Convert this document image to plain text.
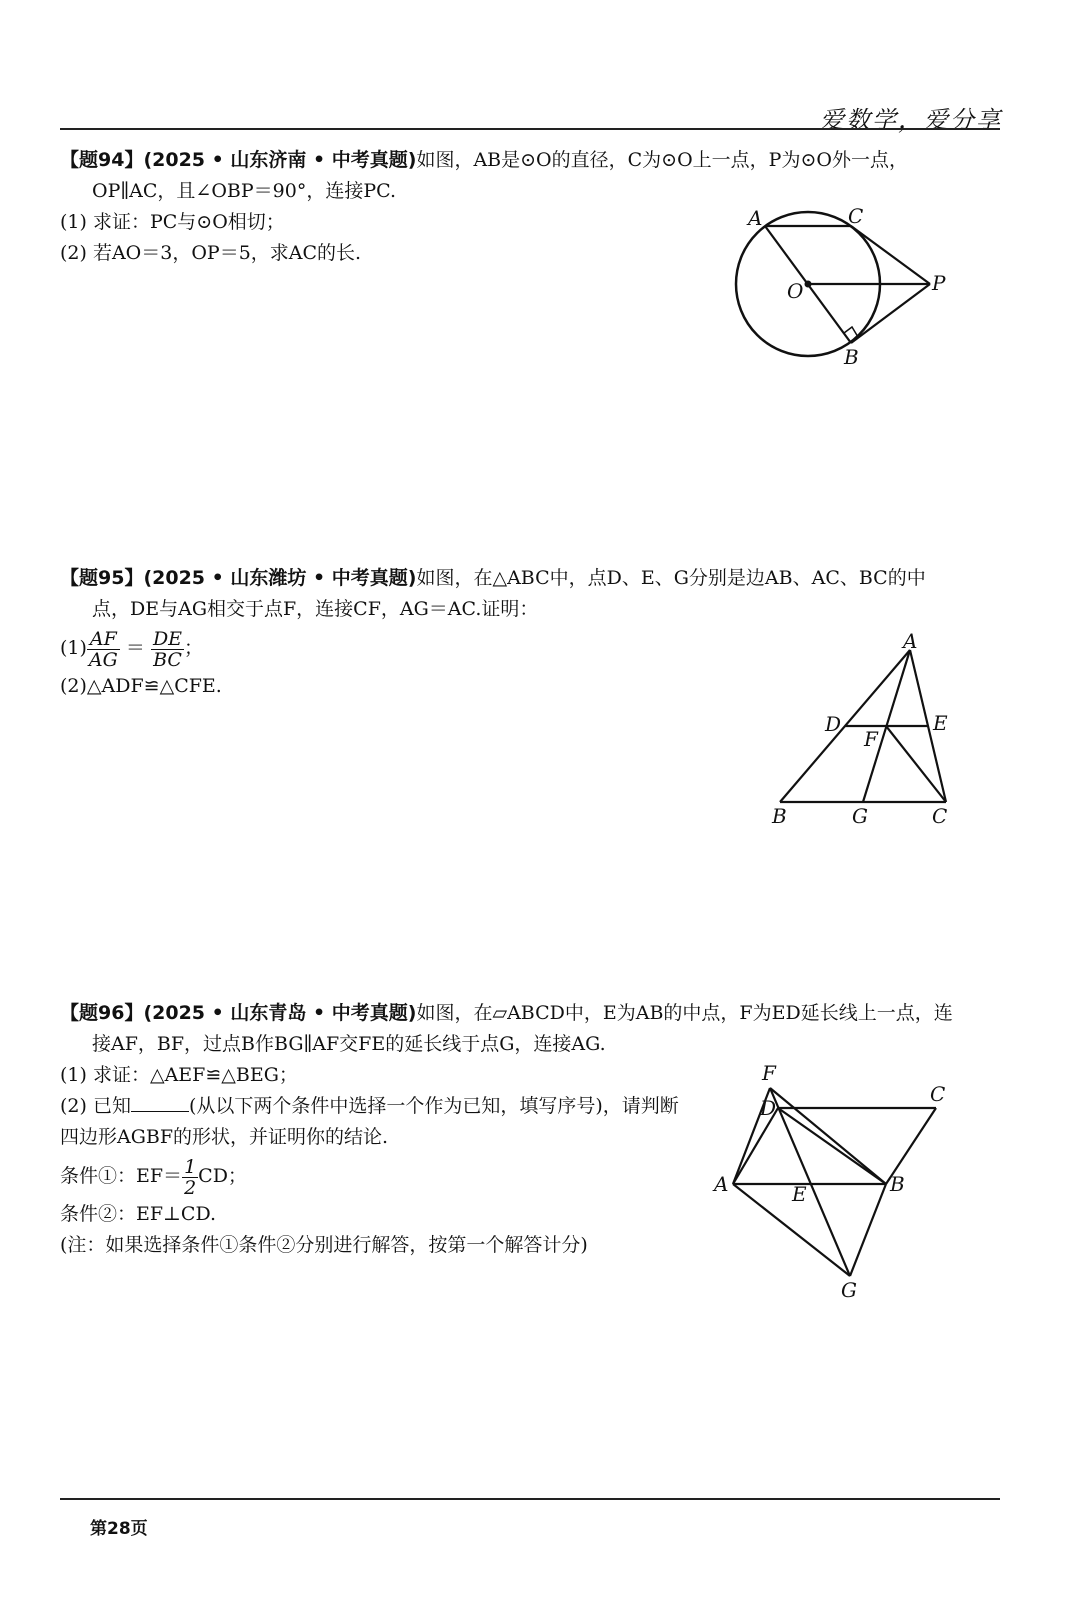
爱数学，爱分享
【题94】(2025 • 山东济南 • 中考真题)如图，AB是⊙O的直径，C为⊙O上一点，P为⊙O外一点，
OP∥AC，且∠OBP＝90°，连接PC.
(1) 求证：PC与⊙O相切；
(2) 若AO＝3，OP＝5，求AC的长.
A	C
O	P
B
【题95】(2025 • 山东潍坊 • 中考真题)如图，在△ABC中，点D、E、G分别是边AB、AC、BC的中
点，DE与AG相交于点F，连接CF，AG＝AC.证明：
$(1) \frac{AF}{AG} = \frac{DE}{BC}$ ；
(2)△ADF≌△CFE.
A
D	E
F
B	G	C
【题96】(2025 • 山东青岛 • 中考真题)如图，在▱ABCD中，E为AB的中点，F为ED延长线上一点，连
接AF，BF，过点B作BG∥AF交FE的延长线于点G，连接AG.
(1) 求证：△AEF≌△BEG；
(2) 已知	(从以下两个条件中选择一个作为已知，填写序号)，请判断
四边形AGBF的形状，并证明你的结论.
条件①：$EF= \frac{1}{2}$ CD；
条件②：EF⊥CD.
(注：如果选择条件①条件②分别进行解答，按第一个解答计分)
F
D
C
A	E	B
G
第28页
